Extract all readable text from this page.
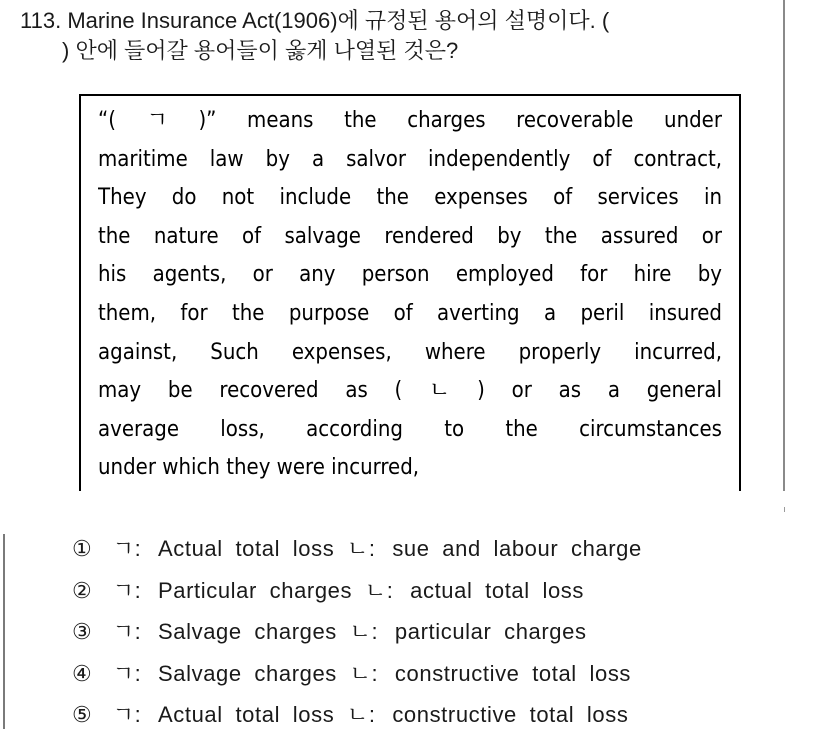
113. Marine Insurance Act(1906)에 규정된 용어의 설명이다. (
) 안에 들어갈 용어들이 옳게 나열된 것은?
“( ㄱ )” means the charges recoverable under
maritime law by a salvor independently of contract,
They do not include the expenses of services in
the nature of salvage rendered by the assured or
his agents, or any person employed for hire by
them, for the purpose of averting a peril insured
against, Such expenses, where properly incurred,
may be recovered as ( ㄴ ) or as a general
average loss, according to the circumstances
under which they were incurred,
① ㄱ: Actual total loss ㄴ: sue and labour charge
② ㄱ: Particular charges ㄴ: actual total loss
③ ㄱ: Salvage charges ㄴ: particular charges
④ ㄱ: Salvage charges ㄴ: constructive total loss
⑤ ㄱ: Actual total loss ㄴ: constructive total loss
